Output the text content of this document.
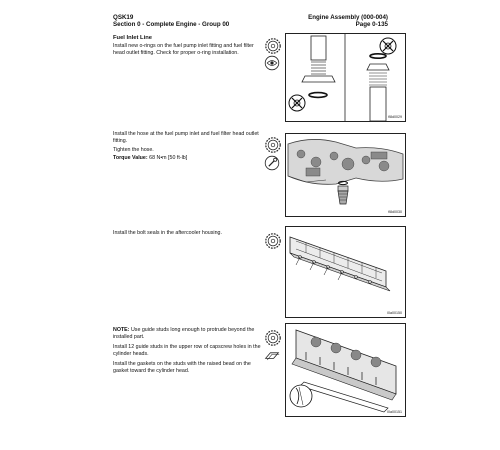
QSK19
Section 0 - Complete Engine - Group 00
Engine Assembly (000-004)
Page 0-135
Fuel Inlet Line
Install new o-rings on the fuel pump inlet fitting and fuel filter head outlet fitting. Check for proper o-ring installation.
fl8d0029
Install the hose at the fuel pump inlet and fuel filter head outlet fitting.
Tighten the hose.
Torque Value: 68 N•m [50 ft-lb]
fl8d0030
Install the bolt seals in the aftercooler housing.
l0a00150
NOTE: Use guide studs long enough to protrude beyond the installed part.
Install 12 guide studs in the upper row of capscrew holes in the cylinder heads.
Install the gaskets on the studs with the raised bead on the gasket toward the cylinder head.
l0a00151
